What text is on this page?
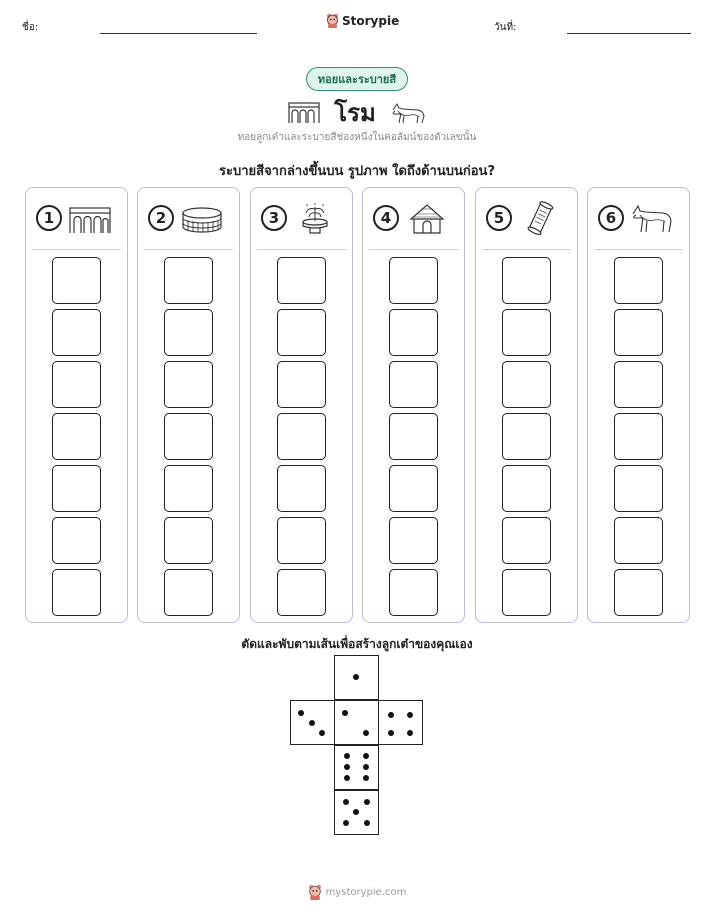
ชื่อ:	Storypie	วันที่:
ทอยและระบายสี
โรม
ทอยลูกเต๋าและระบายสีช่องหนึ่งในคอลัมน์ของตัวเลขนั้น
ระบายสีจากล่างขึ้นบน รูปภาพ ใดถึงด้านบนก่อน?
1	2	3	4	5	6
ตัดและพับตามเส้นเพื่อสร้างลูกเต๋าของคุณเอง
mystorypie.com
